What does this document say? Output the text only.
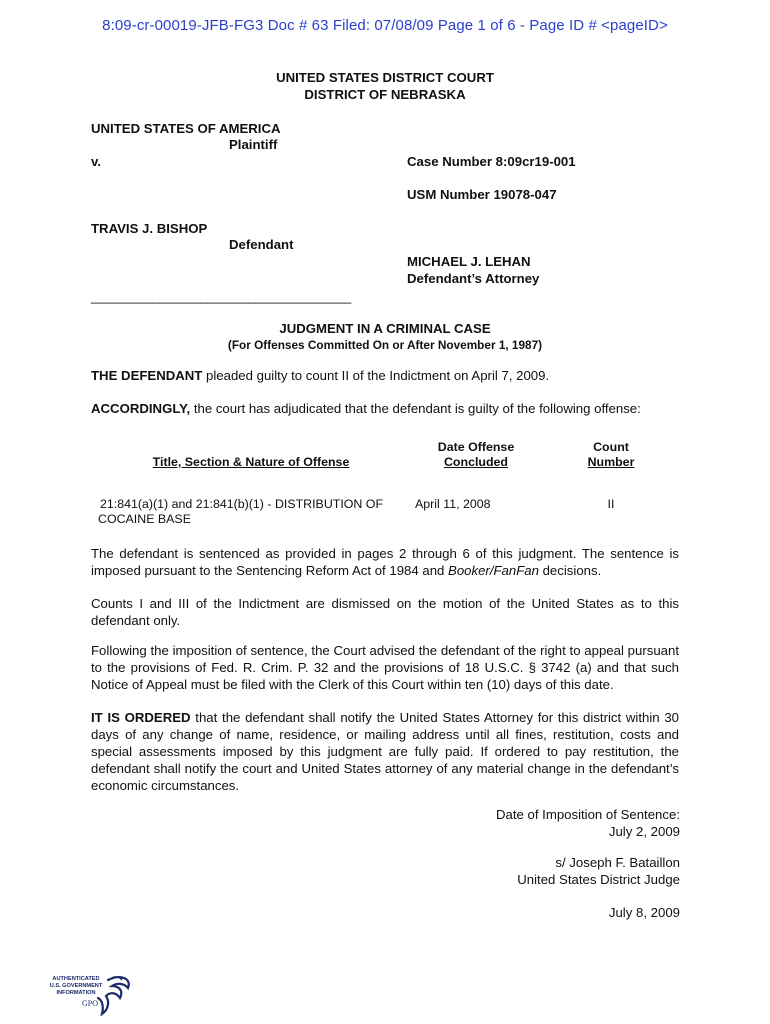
8:09-cr-00019-JFB-FG3 Doc # 63 Filed: 07/08/09 Page 1 of 6 - Page ID # <pageID>
UNITED STATES DISTRICT COURT
DISTRICT OF NEBRASKA
UNITED STATES OF AMERICA
Plaintiff
v.	Case Number 8:09cr19-001
USM Number 19078-047
TRAVIS J. BISHOP
Defendant
MICHAEL J. LEHAN
Defendant’s Attorney
______________________________________
JUDGMENT IN A CRIMINAL CASE
(For Offenses Committed On or After November 1, 1987)
THE DEFENDANT pleaded guilty to count II of the Indictment on April 7, 2009.
ACCORDINGLY, the court has adjudicated that the defendant is guilty of the following offense:
Title, Section & Nature of Offense
Date Offense
Concluded
Count
Number
21:841(a)(1) and 21:841(b)(1) - DISTRIBUTION OF
COCAINE BASE
April 11, 2008	II

The defendant is sentenced as provided in pages 2 through 6 of this judgment. The sentence is imposed pursuant to the Sentencing Reform Act of 1984 and Booker/FanFan decisions.

Counts I and III of the Indictment are dismissed on the motion of the United States as to this defendant only.

Following the imposition of sentence, the Court advised the defendant of the right to appeal pursuant to the provisions of Fed. R. Crim. P. 32 and the provisions of 18 U.S.C. § 3742 (a) and that such Notice of Appeal must be filed with the Clerk of this Court within ten (10) days of this date.

IT IS ORDERED that the defendant shall notify the United States Attorney for this district within 30 days of any change of name, residence, or mailing address until all fines, restitution, costs and special assessments imposed by this judgment are fully paid. If ordered to pay restitution, the defendant shall notify the court and United States attorney of any material change in the defendant’s economic circumstances.

Date of Imposition of Sentence:
July 2, 2009
s/ Joseph F. Bataillon
United States District Judge
July 8, 2009
AUTHENTICATED
U.S. GOVERNMENT
INFORMATION
GPO
